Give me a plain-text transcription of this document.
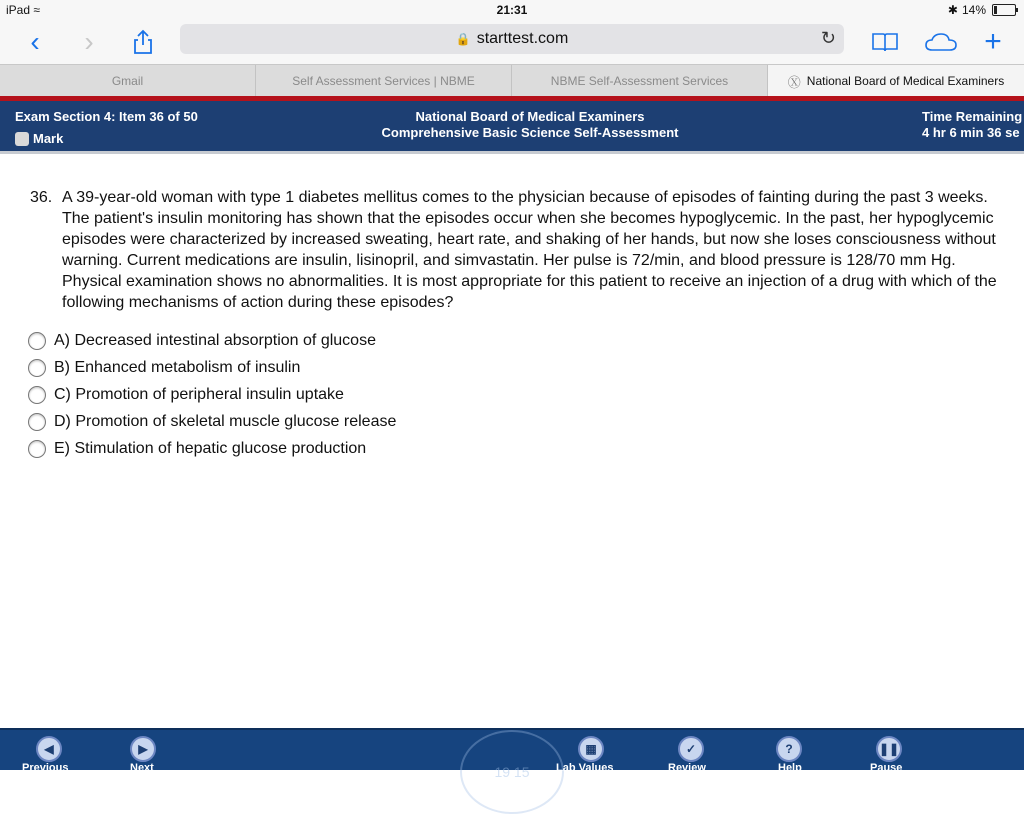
iPad ≈	21:31	✱ 14%
‹ ›	🔒 starttest.com	↻	+
Gmail	Self Assessment Services | NBME	NBME Self-Assessment Services	Ⓧ National Board of Medical Examiners
Exam Section 4: Item 36 of 50
Mark
National Board of Medical Examiners
Comprehensive Basic Science Self-Assessment
Time Remaining
4 hr 6 min 36 se
36. A 39-year-old woman with type 1 diabetes mellitus comes to the physician because of episodes of fainting during the past 3 weeks. The patient's insulin monitoring has shown that the episodes occur when she becomes hypoglycemic. In the past, her hypoglycemic episodes were characterized by increased sweating, heart rate, and shaking of her hands, but now she loses consciousness without warning. Current medications are insulin, lisinopril, and simvastatin. Her pulse is 72/min, and blood pressure is 128/70 mm Hg. Physical examination shows no abnormalities. It is most appropriate for this patient to receive an injection of a drug with which of the following mechanisms of action during these episodes?
A) Decreased intestinal absorption of glucose
B) Enhanced metabolism of insulin
C) Promotion of peripheral insulin uptake
D) Promotion of skeletal muscle glucose release
E) Stimulation of hepatic glucose production
19 15
◀
Previous
▶
Next
▦
Lab Values
✓
Review
?
Help
❚❚
Pause
